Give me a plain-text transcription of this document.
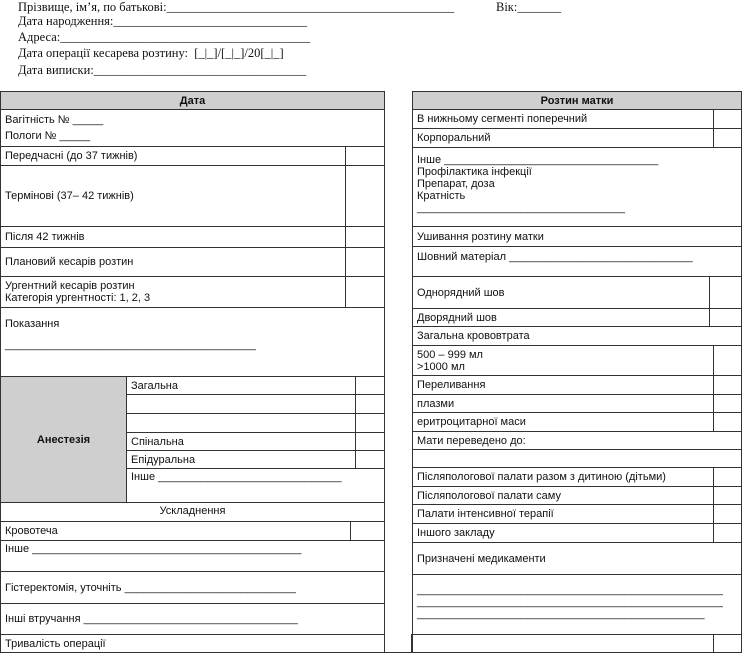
Прізвище, ім’я, по батькові:______________________________________________	Вік:_______
Дата народження:_______________________________
Адреса:________________________________________
Дата операції кесарева розтину:  [_|_]/[_|_]/20[_|_]
Дата виписки:__________________________________
Дата
Вагітність № _____
Пологи № _____
Передчасні (до 37 тижнів)
Термінові (37– 42 тижнів)
Після 42 тижнів
Плановий кесарів розтин
Ургентний кесарів розтин
Категорія ургентності: 1, 2, 3
Показання
_________________________________________
Анестезія
Загальна
Спінальна
Епідуральна
Інше ______________________________
Ускладнення
Кровотеча
Інше ____________________________________________
Гістеректомія, уточніть ____________________________
Інші втручання ___________________________________
Тривалість операції
Розтин матки
В нижньому сегменті поперечний
Корпоральний
Інше ___________________________________
Профілактика інфекції
Препарат, доза
Кратність
__________________________________
Ушивання розтину матки
Шовний матеріал ______________________________
Однорядний шов
Дворядний шов
Загальна крововтрата
500 – 999 мл
>1000 мл
Переливання
плазми
еритроцитарної маси
Мати переведено до:
Післяпологової палати разом з дитиною (дітьми)
Післяпологової палати саму
Палати інтенсивної терапії
Іншого закладу
Призначені медикаменти
__________________________________________________
__________________________________________________
_______________________________________________
